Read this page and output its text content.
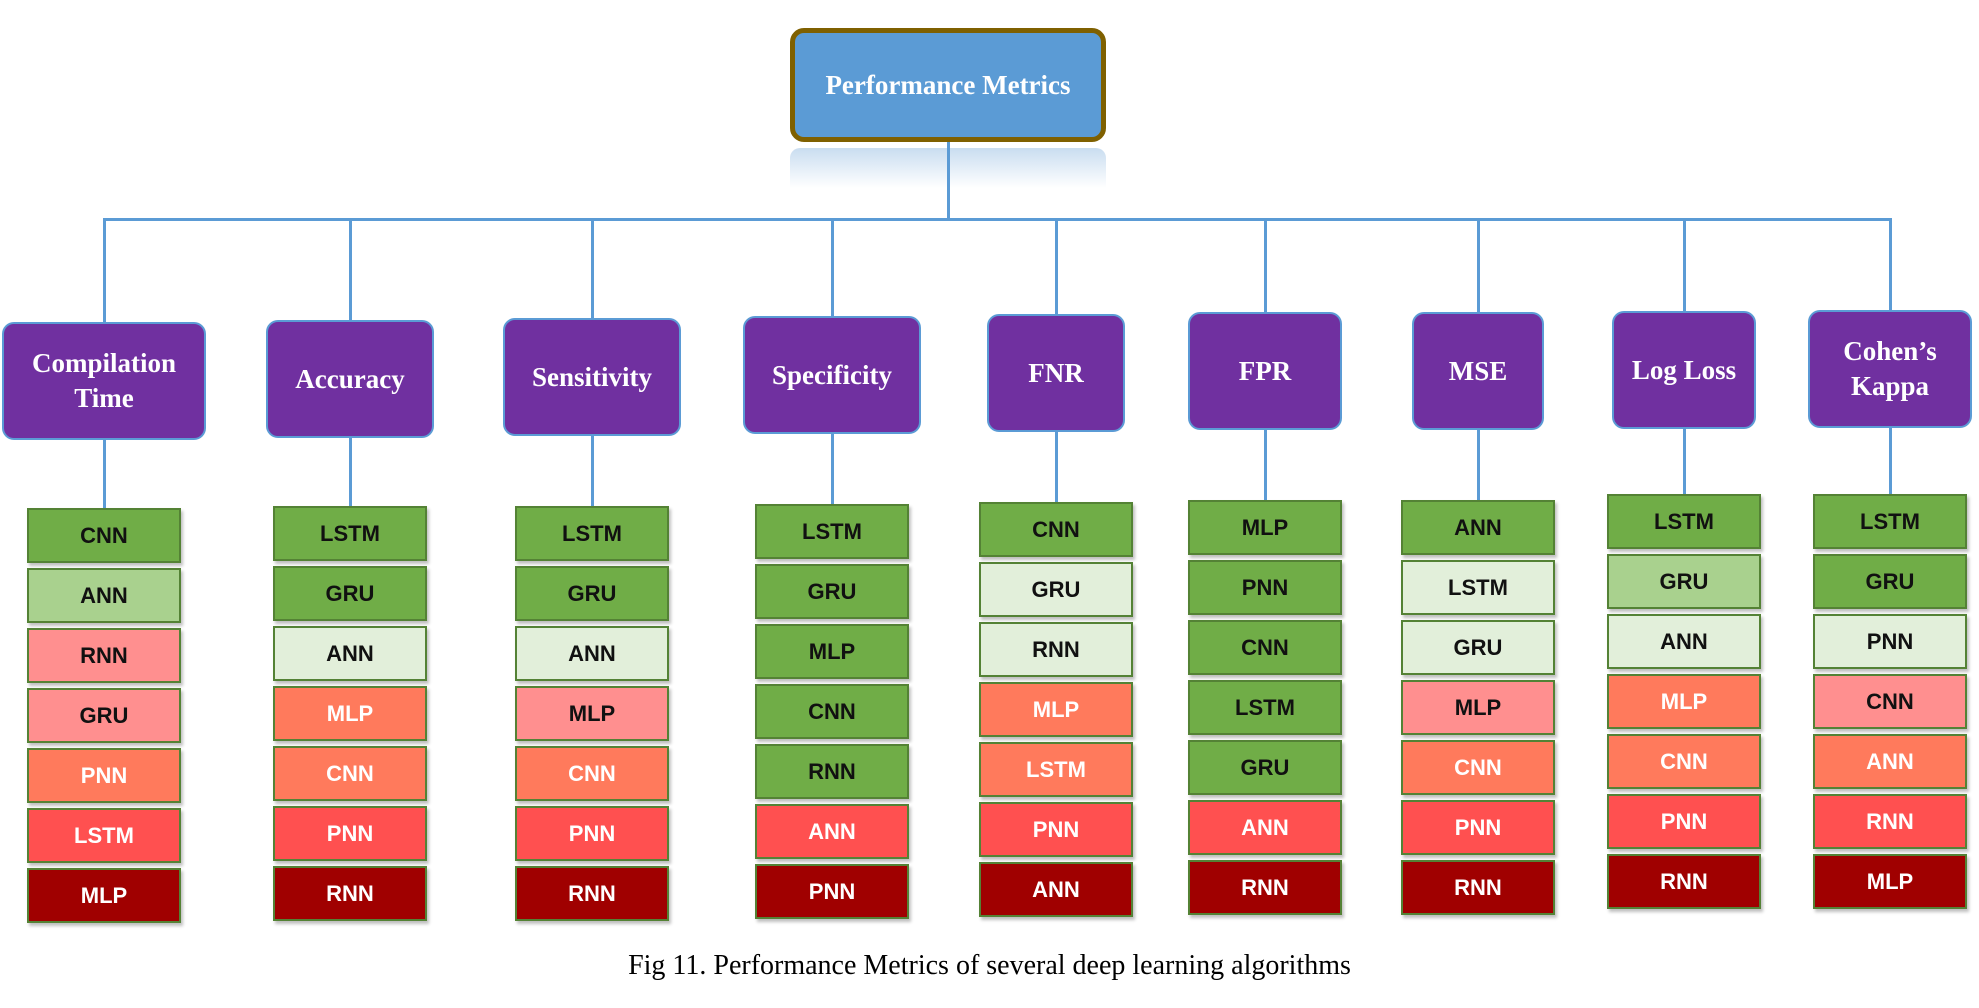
Performance Metrics
Compilation Time
CNN
ANN
RNN
GRU
PNN
LSTM
MLP
Accuracy
LSTM
GRU
ANN
MLP
CNN
PNN
RNN
Sensitivity
LSTM
GRU
ANN
MLP
CNN
PNN
RNN
Specificity
LSTM
GRU
MLP
CNN
RNN
ANN
PNN
FNR
CNN
GRU
RNN
MLP
LSTM
PNN
ANN
FPR
MLP
PNN
CNN
LSTM
GRU
ANN
RNN
MSE
ANN
LSTM
GRU
MLP
CNN
PNN
RNN
Log Loss
LSTM
GRU
ANN
MLP
CNN
PNN
RNN
Cohen’s Kappa
LSTM
GRU
PNN
CNN
ANN
RNN
MLP
Fig 11. Performance Metrics of several deep learning algorithms
